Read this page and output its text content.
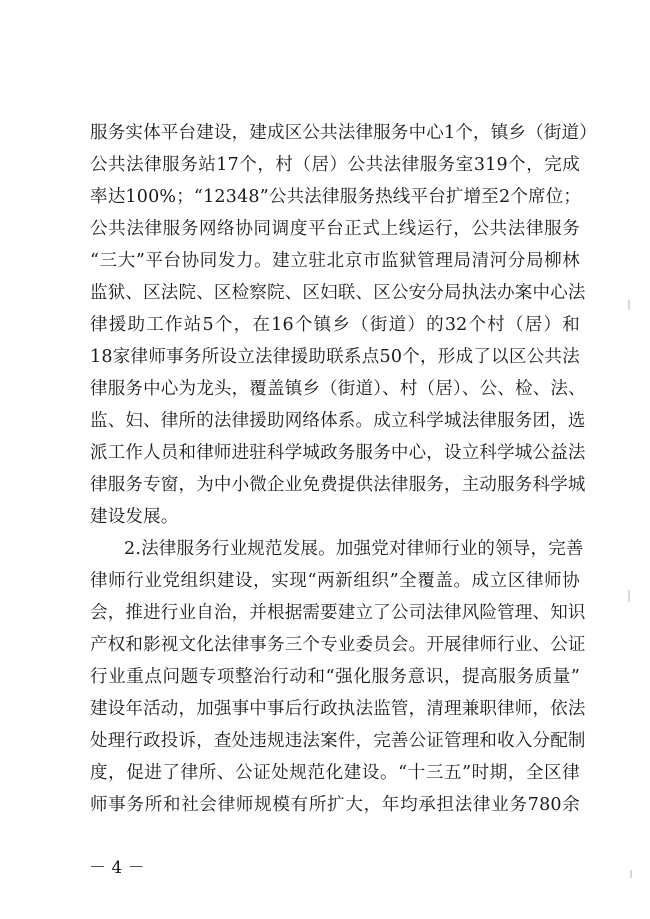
服务实体平台建设，建成区公共法律服务中心1个，镇乡（街道）
公共法律服务站17个，村（居）公共法律服务室319个，完成
率达100%；“12348”公共法律服务热线平台扩增至2个席位；
公共法律服务网络协同调度平台正式上线运行，公共法律服务
“三大”平台协同发力。建立驻北京市监狱管理局清河分局柳林
监狱、区法院、区检察院、区妇联、区公安分局执法办案中心法
律援助工作站5个，在16个镇乡（街道）的32个村（居）和
18家律师事务所设立法律援助联系点50个，形成了以区公共法
律服务中心为龙头，覆盖镇乡（街道）、村（居）、公、检、法、
监、妇、律所的法律援助网络体系。成立科学城法律服务团，选
派工作人员和律师进驻科学城政务服务中心，设立科学城公益法
律服务专窗，为中小微企业免费提供法律服务，主动服务科学城
建设发展。
2.法律服务行业规范发展。加强党对律师行业的领导，完善
律师行业党组织建设，实现“两新组织”全覆盖。成立区律师协
会，推进行业自治，并根据需要建立了公司法律风险管理、知识
产权和影视文化法律事务三个专业委员会。开展律师行业、公证
行业重点问题专项整治行动和“强化服务意识，提高服务质量”
建设年活动，加强事中事后行政执法监管，清理兼职律师，依法
处理行政投诉，查处违规违法案件，完善公证管理和收入分配制
度，促进了律所、公证处规范化建设。“十三五”时期，全区律
师事务所和社会律师规模有所扩大，年均承担法律业务780余
－ 4 －
